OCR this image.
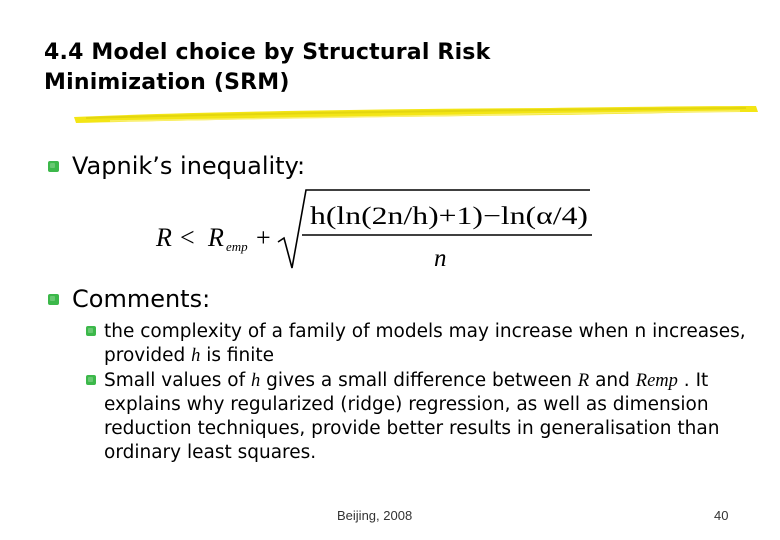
4.4 Model choice by Structural Risk
Minimization (SRM)
Vapnik’s inequality:
R < R emp +
h(ln(2n/h)+1)−ln(α/4)
n
Comments:
the complexity of a family of models may increase when n increases, provided h is finite
Small values of h gives a small difference between R and Remp . It explains why regularized (ridge) regression, as well as dimension reduction techniques, provide better results in generalisation than ordinary least squares.
Beijing, 2008	40
